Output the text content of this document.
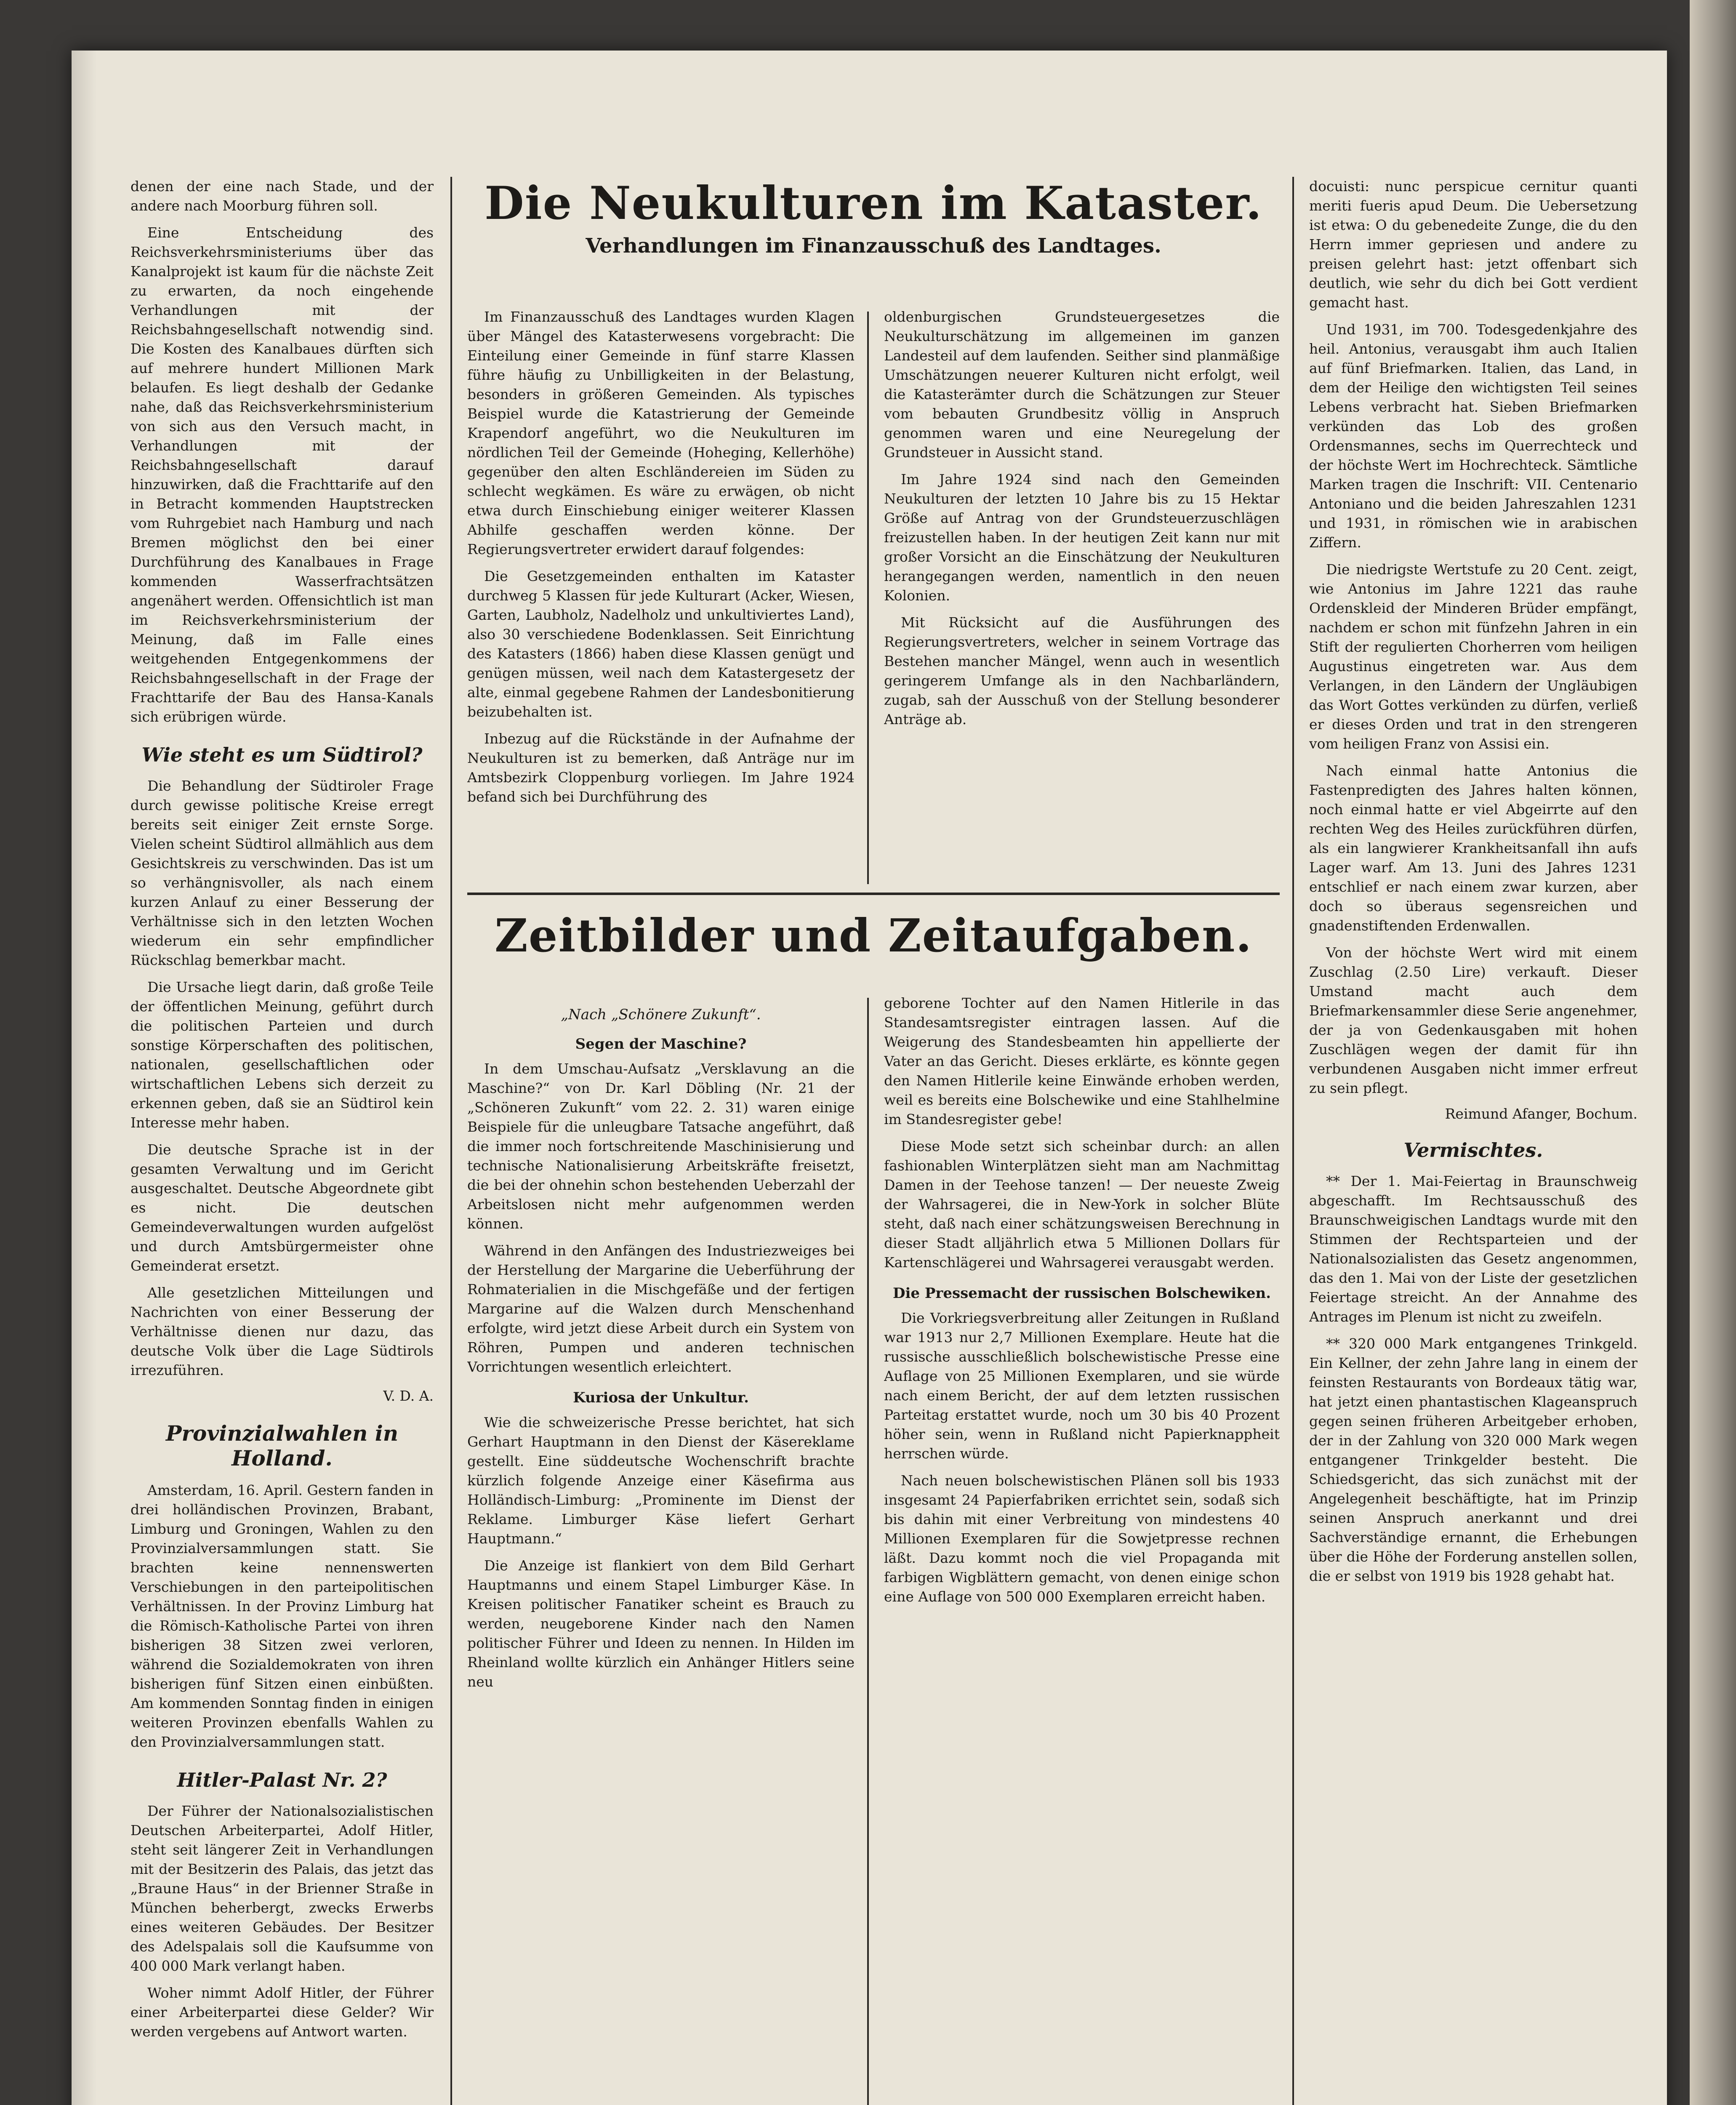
denen der eine nach Stade, und der andere nach Moorburg führen soll.

Eine Entscheidung des Reichsverkehrsministeriums über das Kanalprojekt ist kaum für die nächste Zeit zu erwarten, da noch eingehende Verhandlungen mit der Reichsbahngesellschaft notwendig sind. Die Kosten des Kanalbaues dürften sich auf mehrere hundert Millionen Mark belaufen. Es liegt deshalb der Gedanke nahe, daß das Reichsverkehrsministerium von sich aus den Versuch macht, in Verhandlungen mit der Reichsbahngesellschaft darauf hinzuwirken, daß die Frachttarife auf den in Betracht kommenden Hauptstrecken vom Ruhrgebiet nach Hamburg und nach Bremen möglichst den bei einer Durchführung des Kanalbaues in Frage kommenden Wasserfrachtsätzen angenähert werden. Offensichtlich ist man im Reichsverkehrsministerium der Meinung, daß im Falle eines weitgehenden Entgegenkommens der Reichsbahngesellschaft in der Frage der Frachttarife der Bau des Hansa-Kanals sich erübrigen würde.

Wie steht es um Südtirol?

Die Behandlung der Südtiroler Frage durch gewisse politische Kreise erregt bereits seit einiger Zeit ernste Sorge. Vielen scheint Südtirol allmählich aus dem Gesichtskreis zu verschwinden. Das ist um so verhängnisvoller, als nach einem kurzen Anlauf zu einer Besserung der Verhältnisse sich in den letzten Wochen wiederum ein sehr empfindlicher Rückschlag bemerkbar macht.

Die Ursache liegt darin, daß große Teile der öffentlichen Meinung, geführt durch die politischen Parteien und durch sonstige Körperschaften des politischen, nationalen, gesellschaftlichen oder wirtschaftlichen Lebens sich derzeit zu erkennen geben, daß sie an Südtirol kein Interesse mehr haben.

Die deutsche Sprache ist in der gesamten Verwaltung und im Gericht ausgeschaltet. Deutsche Abgeordnete gibt es nicht. Die deutschen Gemeindeverwaltungen wurden aufgelöst und durch Amtsbürgermeister ohne Gemeinderat ersetzt.

Alle gesetzlichen Mitteilungen und Nachrichten von einer Besserung der Verhältnisse dienen nur dazu, das deutsche Volk über die Lage Südtirols irrezuführen.

V. D. A.
Provinzialwahlen in Holland.

Amsterdam, 16. April. Gestern fanden in drei holländischen Provinzen, Brabant, Limburg und Groningen, Wahlen zu den Provinzialversammlungen statt. Sie brachten keine nennenswerten Verschiebungen in den parteipolitischen Verhältnissen. In der Provinz Limburg hat die Römisch-Katholische Partei von ihren bisherigen 38 Sitzen zwei verloren, während die Sozialdemokraten von ihren bisherigen fünf Sitzen einen einbüßten. Am kommenden Sonntag finden in einigen weiteren Provinzen ebenfalls Wahlen zu den Provinzialversammlungen statt.

Hitler-Palast Nr. 2?

Der Führer der Nationalsozialistischen Deutschen Arbeiterpartei, Adolf Hitler, steht seit längerer Zeit in Verhandlungen mit der Besitzerin des Palais, das jetzt das „Braune Haus“ in der Brienner Straße in München beherbergt, zwecks Erwerbs eines weiteren Gebäudes. Der Besitzer des Adelspalais soll die Kaufsumme von 400 000 Mark verlangt haben.

Woher nimmt Adolf Hitler, der Führer einer Arbeiterpartei diese Gelder? Wir werden vergebens auf Antwort warten.

Die Neukulturen im Kataster.
Verhandlungen im Finanzausschuß des Landtages.

Im Finanzausschuß des Landtages wurden Klagen über Mängel des Katasterwesens vorgebracht: Die Einteilung einer Gemeinde in fünf starre Klassen führe häufig zu Unbilligkeiten in der Belastung, besonders in größeren Gemeinden. Als typisches Beispiel wurde die Katastrierung der Gemeinde Krapendorf angeführt, wo die Neukulturen im nördlichen Teil der Gemeinde (Hoheging, Kellerhöhe) gegenüber den alten Eschländereien im Süden zu schlecht wegkämen. Es wäre zu erwägen, ob nicht etwa durch Einschiebung einiger weiterer Klassen Abhilfe geschaffen werden könne. Der Regierungsvertreter erwidert darauf folgendes:

Die Gesetzgemeinden enthalten im Kataster durchweg 5 Klassen für jede Kulturart (Acker, Wiesen, Garten, Laubholz, Nadelholz und unkultiviertes Land), also 30 verschiedene Bodenklassen. Seit Einrichtung des Katasters (1866) haben diese Klassen genügt und genügen müssen, weil nach dem Katastergesetz der alte, einmal gegebene Rahmen der Landesbonitierung beizubehalten ist.

Inbezug auf die Rückstände in der Aufnahme der Neukulturen ist zu bemerken, daß Anträge nur im Amtsbezirk Cloppenburg vorliegen. Im Jahre 1924 befand sich bei Durchführung des

oldenburgischen Grundsteuergesetzes die Neukulturschätzung im allgemeinen im ganzen Landesteil auf dem laufenden. Seither sind planmäßige Umschätzungen neuerer Kulturen nicht erfolgt, weil die Katasterämter durch die Schätzungen zur Steuer vom bebauten Grundbesitz völlig in Anspruch genommen waren und eine Neuregelung der Grundsteuer in Aussicht stand.

Im Jahre 1924 sind nach den Gemeinden Neukulturen der letzten 10 Jahre bis zu 15 Hektar Größe auf Antrag von der Grundsteuerzuschlägen freizustellen haben. In der heutigen Zeit kann nur mit großer Vorsicht an die Einschätzung der Neukulturen herangegangen werden, namentlich in den neuen Kolonien.

Mit Rücksicht auf die Ausführungen des Regierungsvertreters, welcher in seinem Vortrage das Bestehen mancher Mängel, wenn auch in wesentlich geringerem Umfange als in den Nachbarländern, zugab, sah der Ausschuß von der Stellung besonderer Anträge ab.

Zeitbilder und Zeitaufgaben.
„Nach „Schönere Zukunft“.
Segen der Maschine?

In dem Umschau-Aufsatz „Versklavung an die Maschine?“ von Dr. Karl Döbling (Nr. 21 der „Schöneren Zukunft“ vom 22. 2. 31) waren einige Beispiele für die unleugbare Tatsache angeführt, daß die immer noch fortschreitende Maschinisierung und technische Nationalisierung Arbeitskräfte freisetzt, die bei der ohnehin schon bestehenden Ueberzahl der Arbeitslosen nicht mehr aufgenommen werden können.

Während in den Anfängen des Industriezweiges bei der Herstellung der Margarine die Ueberführung der Rohmaterialien in die Mischgefäße und der fertigen Margarine auf die Walzen durch Menschenhand erfolgte, wird jetzt diese Arbeit durch ein System von Röhren, Pumpen und anderen technischen Vorrichtungen wesentlich erleichtert.

Kuriosa der Unkultur.

Wie die schweizerische Presse berichtet, hat sich Gerhart Hauptmann in den Dienst der Käsereklame gestellt. Eine süddeutsche Wochenschrift brachte kürzlich folgende Anzeige einer Käsefirma aus Holländisch-Limburg: „Prominente im Dienst der Reklame. Limburger Käse liefert Gerhart Hauptmann.“

Die Anzeige ist flankiert von dem Bild Gerhart Hauptmanns und einem Stapel Limburger Käse. In Kreisen politischer Fanatiker scheint es Brauch zu werden, neugeborene Kinder nach den Namen politischer Führer und Ideen zu nennen. In Hilden im Rheinland wollte kürzlich ein Anhänger Hitlers seine neu

geborene Tochter auf den Namen Hitlerile in das Standesamtsregister eintragen lassen. Auf die Weigerung des Standesbeamten hin appellierte der Vater an das Gericht. Dieses erklärte, es könnte gegen den Namen Hitlerile keine Einwände erhoben werden, weil es bereits eine Bolschewike und eine Stahlhelmine im Standesregister gebe!

Diese Mode setzt sich scheinbar durch: an allen fashionablen Winterplätzen sieht man am Nachmittag Damen in der Teehose tanzen! — Der neueste Zweig der Wahrsagerei, die in New-York in solcher Blüte steht, daß nach einer schätzungsweisen Berechnung in dieser Stadt alljährlich etwa 5 Millionen Dollars für Kartenschlägerei und Wahrsagerei verausgabt werden.

Die Pressemacht der russischen Bolschewiken.

Die Vorkriegsverbreitung aller Zeitungen in Rußland war 1913 nur 2,7 Millionen Exemplare. Heute hat die russische ausschließlich bolschewistische Presse eine Auflage von 25 Millionen Exemplaren, und sie würde nach einem Bericht, der auf dem letzten russischen Parteitag erstattet wurde, noch um 30 bis 40 Prozent höher sein, wenn in Rußland nicht Papierknappheit herrschen würde.

Nach neuen bolschewistischen Plänen soll bis 1933 insgesamt 24 Papierfabriken errichtet sein, sodaß sich bis dahin mit einer Verbreitung von mindestens 40 Millionen Exemplaren für die Sowjetpresse rechnen läßt. Dazu kommt noch die viel Propaganda mit farbigen Wigblättern gemacht, von denen einige schon eine Auflage von 500 000 Exemplaren erreicht haben.

docuisti: nunc perspicue cernitur quanti meriti fueris apud Deum. Die Uebersetzung ist etwa: O du gebenedeite Zunge, die du den Herrn immer gepriesen und andere zu preisen gelehrt hast: jetzt offenbart sich deutlich, wie sehr du dich bei Gott verdient gemacht hast.

Und 1931, im 700. Todesgedenkjahre des heil. Antonius, verausgabt ihm auch Italien auf fünf Briefmarken. Italien, das Land, in dem der Heilige den wichtigsten Teil seines Lebens verbracht hat. Sieben Briefmarken verkünden das Lob des großen Ordensmannes, sechs im Querrechteck und der höchste Wert im Hochrechteck. Sämtliche Marken tragen die Inschrift: VII. Centenario Antoniano und die beiden Jahreszahlen 1231 und 1931, in römischen wie in arabischen Ziffern.

Die niedrigste Wertstufe zu 20 Cent. zeigt, wie Antonius im Jahre 1221 das rauhe Ordenskleid der Minderen Brüder empfängt, nachdem er schon mit fünfzehn Jahren in ein Stift der regulierten Chorherren vom heiligen Augustinus eingetreten war. Aus dem Verlangen, in den Ländern der Ungläubigen das Wort Gottes verkünden zu dürfen, verließ er dieses Orden und trat in den strengeren vom heiligen Franz von Assisi ein.

Nach einmal hatte Antonius die Fastenpredigten des Jahres halten können, noch einmal hatte er viel Abgeirrte auf den rechten Weg des Heiles zurückführen dürfen, als ein langwierer Krankheitsanfall ihn aufs Lager warf. Am 13. Juni des Jahres 1231 entschlief er nach einem zwar kurzen, aber doch so überaus segensreichen und gnadenstiftenden Erdenwallen.

Von der höchste Wert wird mit einem Zuschlag (2.50 Lire) verkauft. Dieser Umstand macht auch dem Briefmarkensammler diese Serie angenehmer, der ja von Gedenkausgaben mit hohen Zuschlägen wegen der damit für ihn verbundenen Ausgaben nicht immer erfreut zu sein pflegt.

Reimund Afanger, Bochum.
Vermischtes.

** Der 1. Mai-Feiertag in Braunschweig abgeschafft. Im Rechtsausschuß des Braunschweigischen Landtags wurde mit den Stimmen der Rechtsparteien und der Nationalsozialisten das Gesetz angenommen, das den 1. Mai von der Liste der gesetzlichen Feiertage streicht. An der Annahme des Antrages im Plenum ist nicht zu zweifeln.

** 320 000 Mark entgangenes Trinkgeld. Ein Kellner, der zehn Jahre lang in einem der feinsten Restaurants von Bordeaux tätig war, hat jetzt einen phantastischen Klageanspruch gegen seinen früheren Arbeitgeber erhoben, der in der Zahlung von 320 000 Mark wegen entgangener Trinkgelder besteht. Die Schiedsgericht, das sich zunächst mit der Angelegenheit beschäftigte, hat im Prinzip seinen Anspruch anerkannt und drei Sachverständige ernannt, die Erhebungen über die Höhe der Forderung anstellen sollen, die er selbst von 1919 bis 1928 gehabt hat.
